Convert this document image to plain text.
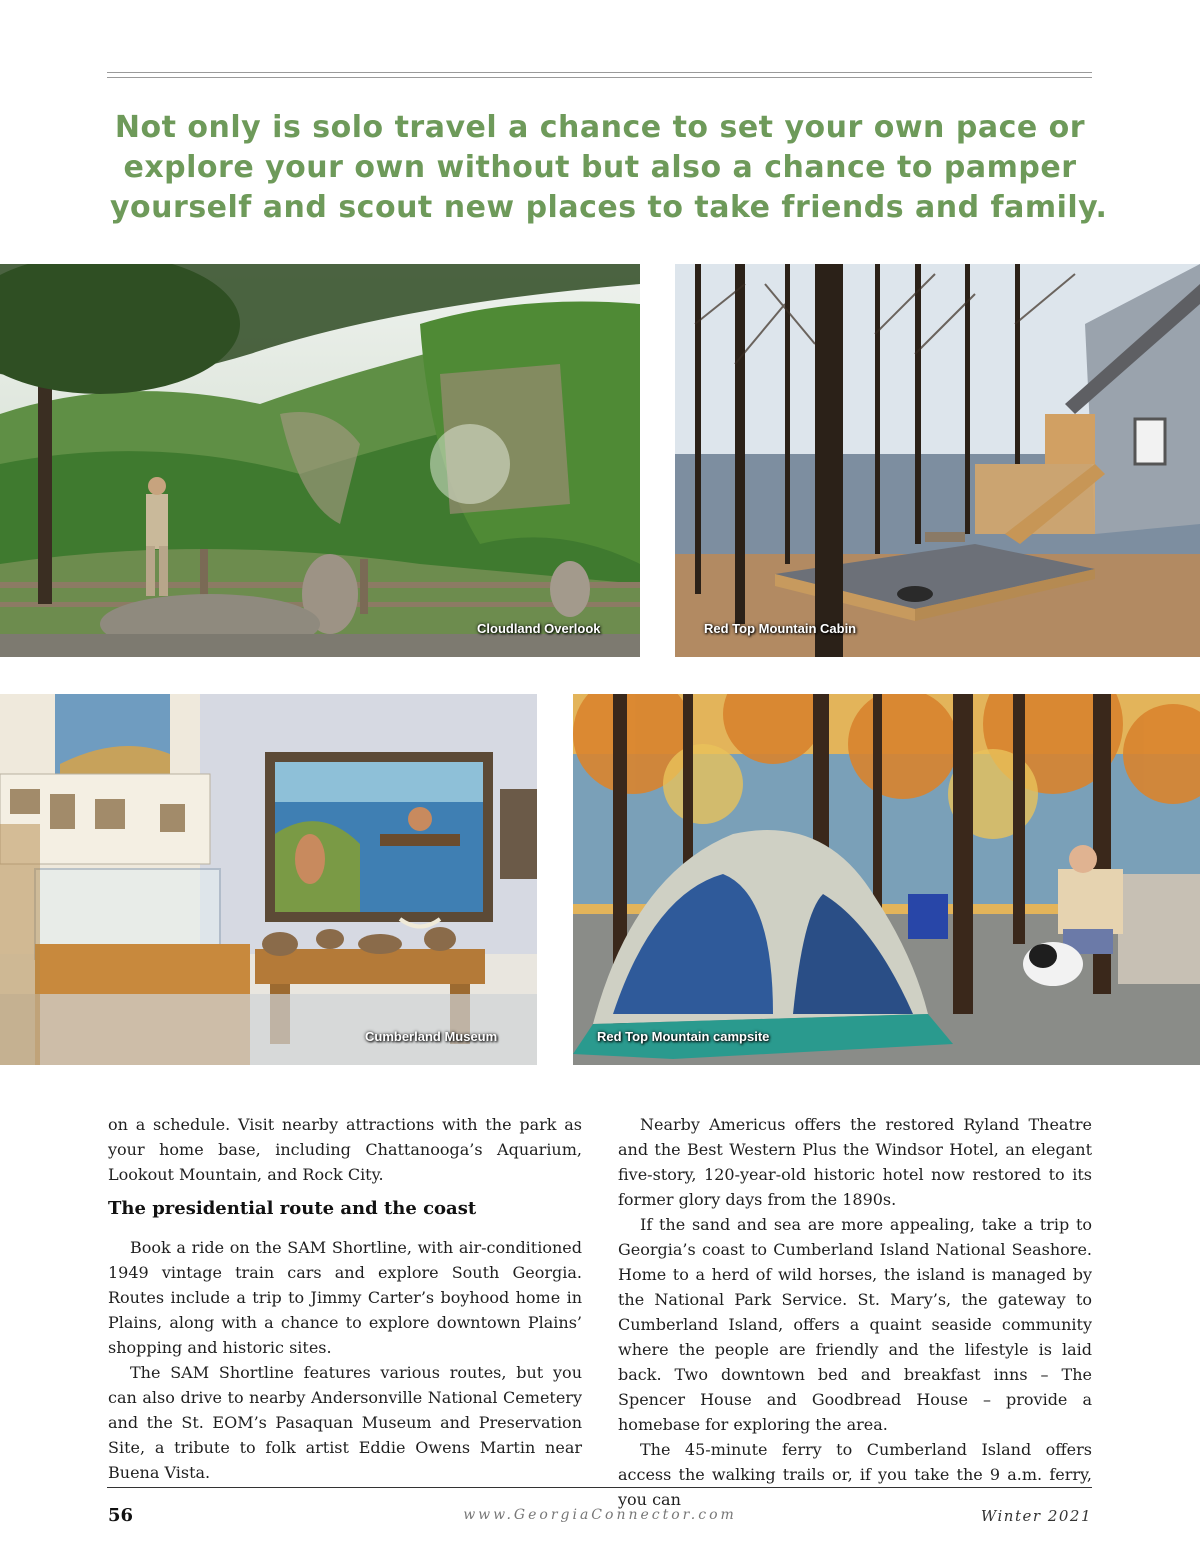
Not only is solo travel a chance to set your own pace or
explore your own without but also a chance to pamper
yourself and scout new places to take friends and family.
Cloudland Overlook	Red Top Mountain Cabin
Cumberland Museum	Red Top Mountain campsite

on a schedule. Visit nearby attractions with the park as your home base, including Chattanooga’s Aquarium, Lookout Mountain, and Rock City.

The presidential route and the coast

Book a ride on the SAM Shortline, with air-conditioned 1949 vintage train cars and explore South Georgia. Routes include a trip to Jimmy Carter’s boyhood home in Plains, along with a chance to explore downtown Plains’ shopping and historic sites.

The SAM Shortline features various routes, but you can also drive to nearby Andersonville National Cemetery and the St. EOM’s Pasaquan Museum and Preservation Site, a tribute to folk artist Eddie Owens Martin near Buena Vista.

Nearby Americus offers the restored Ryland Theatre and the Best Western Plus the Windsor Hotel, an elegant five-story, 120-year-old historic hotel now restored to its former glory days from the 1890s.

If the sand and sea are more appealing, take a trip to Georgia’s coast to Cumberland Island National Seashore. Home to a herd of wild horses, the island is managed by the National Park Service. St. Mary’s, the gateway to Cumberland Island, offers a quaint seaside community where the people are friendly and the lifestyle is laid back. Two downtown bed and breakfast inns – The Spencer House and Goodbread House – provide a homebase for exploring the area.

The 45-minute ferry to Cumberland Island offers access the walking trails or, if you take the 9 a.m. ferry, you can

56	www.GeorgiaConnector.com	Winter 2021
